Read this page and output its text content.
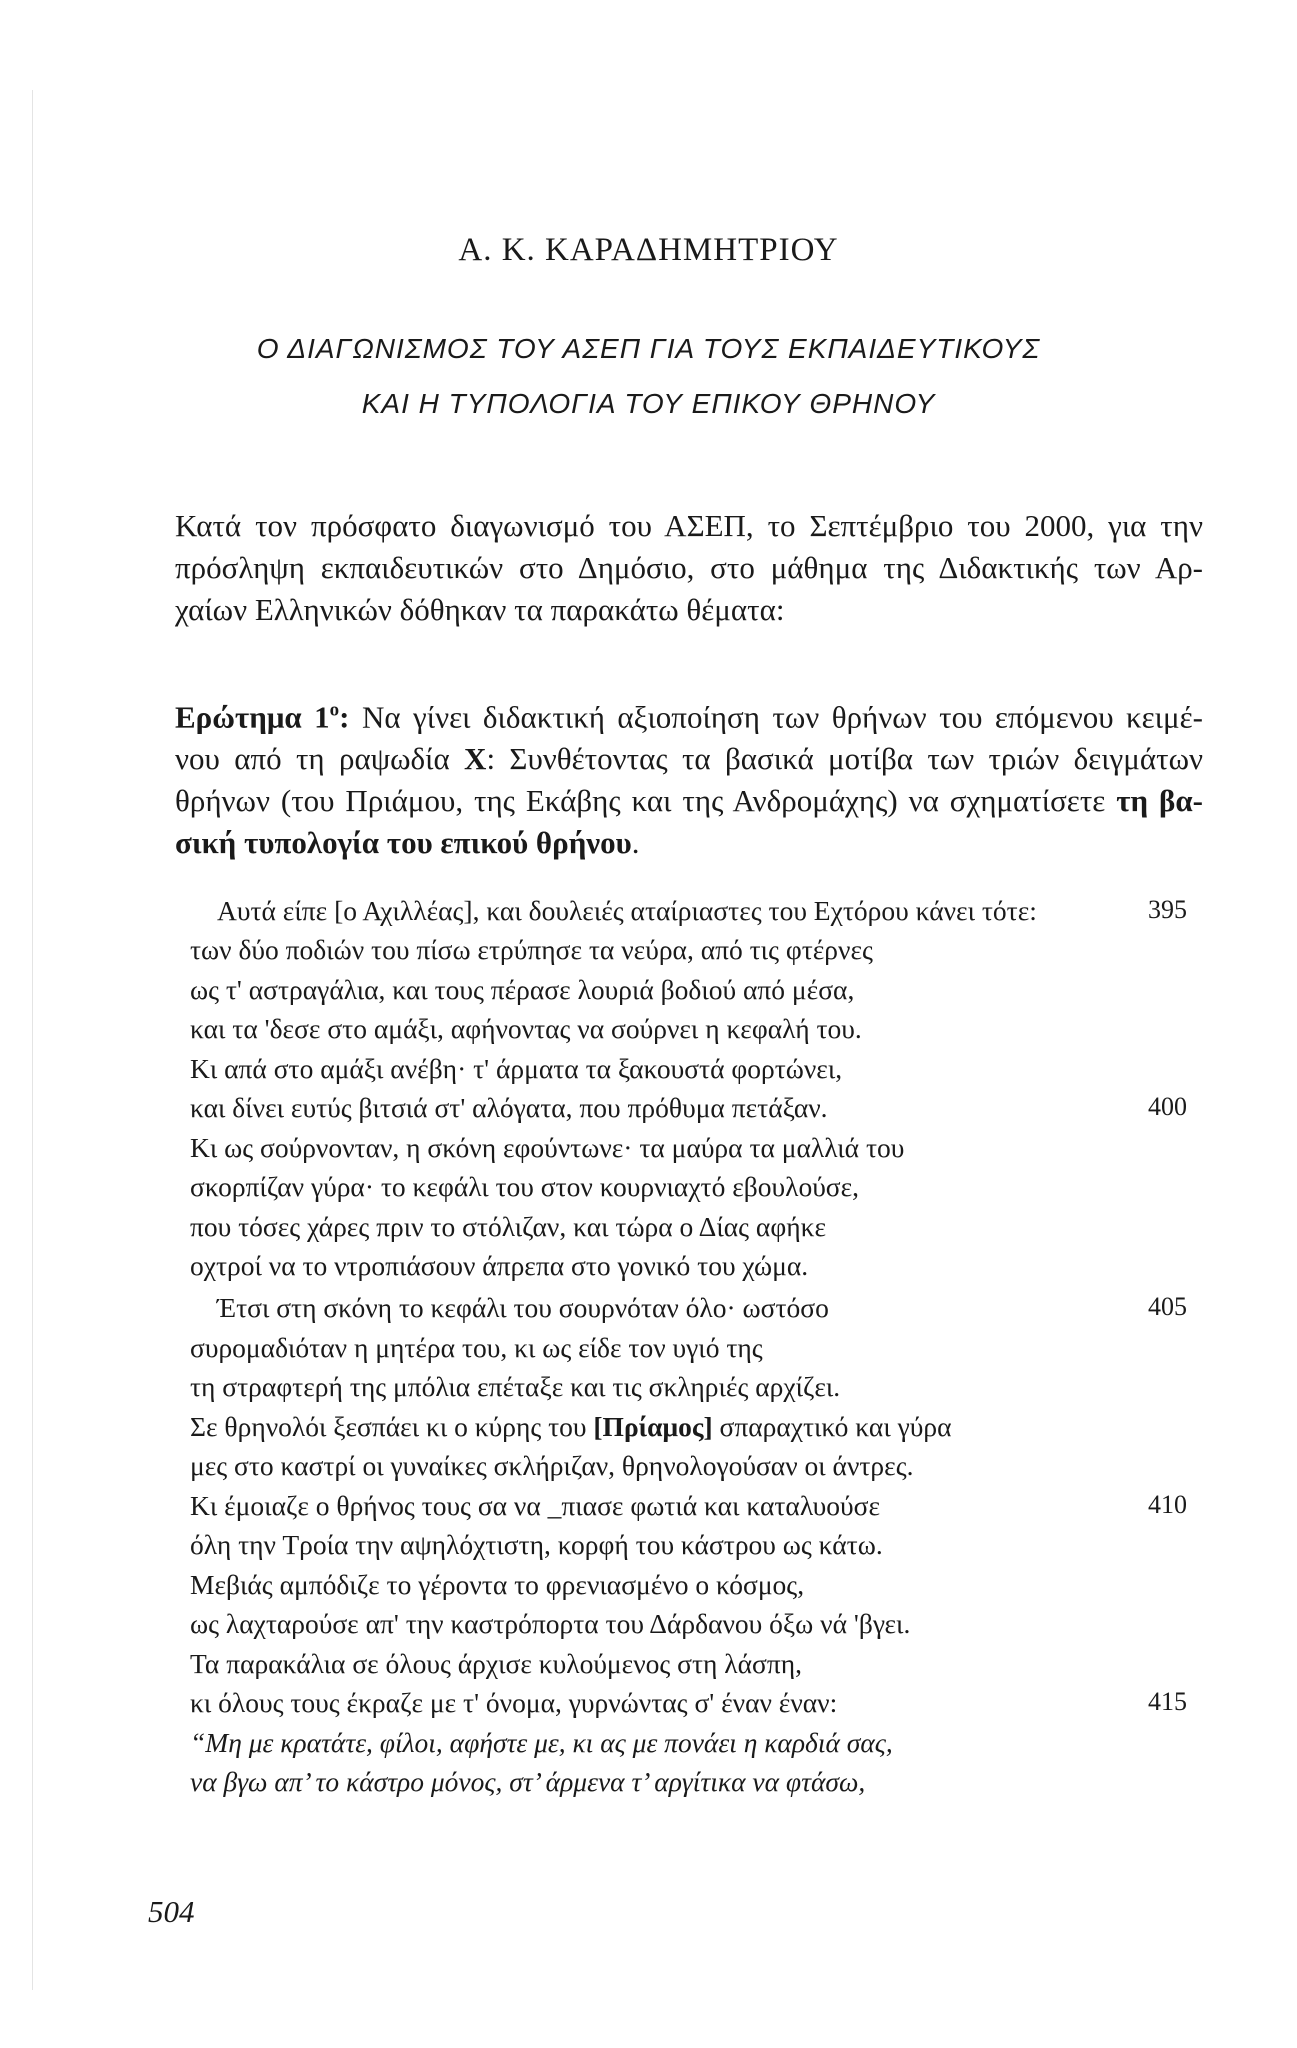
Α. Κ. ΚΑΡΑΔΗΜΗΤΡΙΟΥ
Ο ΔΙΑΓΩΝΙΣΜΟΣ ΤΟΥ ΑΣΕΠ ΓΙΑ ΤΟΥΣ ΕΚΠΑΙΔΕΥΤΙΚΟΥΣ
ΚΑΙ Η ΤΥΠΟΛΟΓΙΑ ΤΟΥ ΕΠΙΚΟΥ ΘΡΗΝΟΥ
Κατά τον πρόσφατο διαγωνισμό του ΑΣΕΠ, το Σεπτέμβριο του 2000, για την
πρόσληψη εκπαιδευτικών στο Δημόσιο, στο μάθημα της Διδακτικής των Αρ-
χαίων Ελληνικών δόθηκαν τα παρακάτω θέματα:
Ερώτημα $1^o$: Να γίνει διδακτική αξιοποίηση των θρήνων του επόμενου κειμέ-
νου από τη ραψωδία Χ: Συνθέτοντας τα βασικά μοτίβα των τριών δειγμάτων
θρήνων (του Πριάμου, της Εκάβης και της Ανδρομάχης) να σχηματίσετε τη βα-
σική τυπολογία του επικού θρήνου.
Αυτά είπε [ο Αχιλλέας], και δουλειές αταίριαστες του Εχτόρου κάνει τότε:
των δύο ποδιών του πίσω ετρύπησε τα νεύρα, από τις φτέρνες
ως τ' αστραγάλια, και τους πέρασε λουριά βοδιού από μέσα,
και τα 'δεσε στο αμάξι, αφήνοντας να σούρνει η κεφαλή του.
Κι απά στο αμάξι ανέβη· τ' άρματα τα ξακουστά φορτώνει,
και δίνει ευτύς βιτσιά στ' αλόγατα, που πρόθυμα πετάξαν.
Κι ως σούρνονταν, η σκόνη εφούντωνε· τα μαύρα τα μαλλιά του
σκορπίζαν γύρα· το κεφάλι του στον κουρνιαχτό εβουλούσε,
που τόσες χάρες πριν το στόλιζαν, και τώρα ο Δίας αφήκε
οχτροί να το ντροπιάσουν άπρεπα στο γονικό του χώμα.
Έτσι στη σκόνη το κεφάλι του σουρνόταν όλο· ωστόσο
συρομαδιόταν η μητέρα του, κι ως είδε τον υγιό της
τη στραφτερή της μπόλια επέταξε και τις σκληριές αρχίζει.
Σε θρηνολόι ξεσπάει κι ο κύρης του [Πρίαμος] σπαραχτικό και γύρα
μες στο καστρί οι γυναίκες σκλήριζαν, θρηνολογούσαν οι άντρες.
Κι έμοιαζε ο θρήνος τους σα να _πιασε φωτιά και καταλυούσε
όλη την Τροία την αψηλόχτιστη, κορφή του κάστρου ως κάτω.
Μεβιάς αμπόδιζε το γέροντα το φρενιασμένο ο κόσμος,
ως λαχταρούσε απ' την καστρόπορτα του Δάρδανου όξω νά 'βγει.
Τα παρακάλια σε όλους άρχισε κυλούμενος στη λάσπη,
κι όλους τους έκραζε με τ' όνομα, γυρνώντας σ' έναν έναν:
“Μη με κρατάτε, φίλοι, αφήστε με, κι ας με πονάει η καρδιά σας,
να βγω απ’ το κάστρο μόνος, στ’ άρμενα τ’ αργίτικα να φτάσω,
395
400
405
410
415
504
